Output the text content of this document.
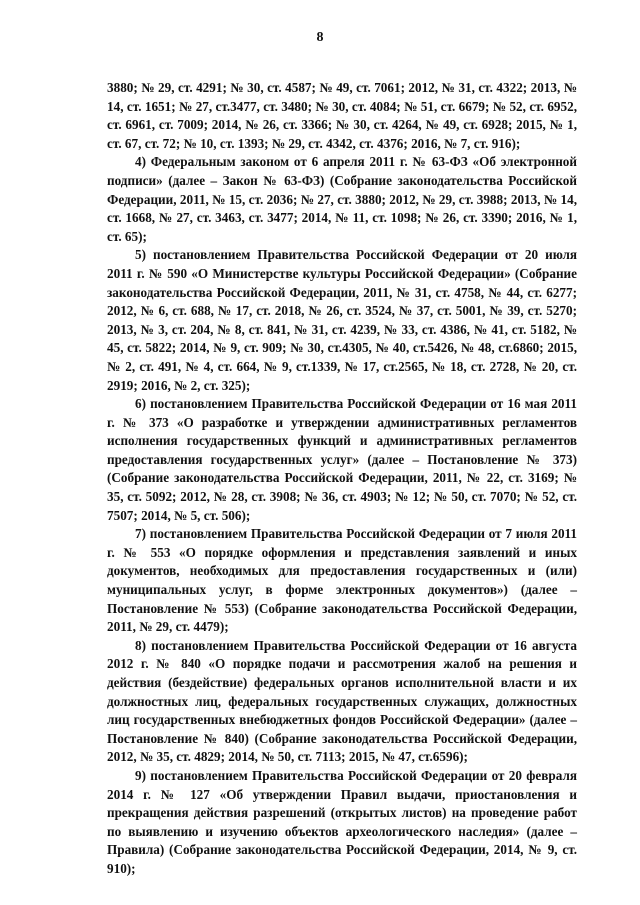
8

3880; № 29, ст. 4291; № 30, ст. 4587; № 49, ст. 7061; 2012, № 31, ст. 4322; 2013, № 14, ст. 1651; № 27, ст.3477, ст. 3480; № 30, ст. 4084; № 51, ст. 6679; № 52, ст. 6952, ст. 6961, ст. 7009; 2014, № 26, ст. 3366; № 30, ст. 4264, № 49, ст. 6928; 2015, № 1, ст. 67, ст. 72; № 10, ст. 1393; № 29, ст. 4342, ст. 4376; 2016, № 7, ст. 916);

4) Федеральным законом от 6 апреля 2011 г. № 63-ФЗ «Об электронной подписи» (далее – Закон № 63-ФЗ) (Собрание законодательства Российской Федерации, 2011, № 15, ст. 2036; № 27, ст. 3880; 2012, № 29, ст. 3988; 2013, № 14, ст. 1668, № 27, ст. 3463, ст. 3477; 2014, № 11, ст. 1098; № 26, ст. 3390; 2016, № 1, ст. 65);

5) постановлением Правительства Российской Федерации от 20 июля 2011 г. № 590 «О Министерстве культуры Российской Федерации» (Собрание законодательства Российской Федерации, 2011, № 31, ст. 4758, № 44, ст. 6277; 2012, № 6, ст. 688, № 17, ст. 2018, № 26, ст. 3524, № 37, ст. 5001, № 39, ст. 5270; 2013, № 3, ст. 204, № 8, ст. 841, № 31, ст. 4239, № 33, ст. 4386, № 41, ст. 5182, № 45, ст. 5822; 2014, № 9, ст. 909; № 30, ст.4305, № 40, ст.5426, № 48, ст.6860; 2015, № 2, ст. 491, № 4, ст. 664, № 9, ст.1339, № 17, ст.2565, № 18, ст. 2728, № 20, ст. 2919; 2016, № 2, ст. 325);

6) постановлением Правительства Российской Федерации от 16 мая 2011 г. № 373 «О разработке и утверждении административных регламентов исполнения государственных функций и административных регламентов предоставления государственных услуг» (далее – Постановление № 373) (Собрание законодательства Российской Федерации, 2011, № 22, ст. 3169; № 35, ст. 5092; 2012, № 28, ст. 3908; № 36, ст. 4903; № 12; № 50, ст. 7070; № 52, ст. 7507; 2014, № 5, ст. 506);

7) постановлением Правительства Российской Федерации от 7 июля 2011 г. № 553 «О порядке оформления и представления заявлений и иных документов, необходимых для предоставления государственных и (или) муниципальных услуг, в форме электронных документов») (далее – Постановление № 553) (Собрание законодательства Российской Федерации, 2011, № 29, ст. 4479);

8) постановлением Правительства Российской Федерации от 16 августа 2012 г. № 840 «О порядке подачи и рассмотрения жалоб на решения и действия (бездействие) федеральных органов исполнительной власти и их должностных лиц, федеральных государственных служащих, должностных лиц государственных внебюджетных фондов Российской Федерации» (далее – Постановление № 840) (Собрание законодательства Российской Федерации, 2012, № 35, ст. 4829; 2014, № 50, ст. 7113; 2015, № 47, ст.6596);

9) постановлением Правительства Российской Федерации от 20 февраля 2014 г. № 127 «Об утверждении Правил выдачи, приостановления и прекращения действия разрешений (открытых листов) на проведение работ по выявлению и изучению объектов археологического наследия» (далее – Правила) (Собрание законодательства Российской Федерации, 2014, № 9, ст. 910);
